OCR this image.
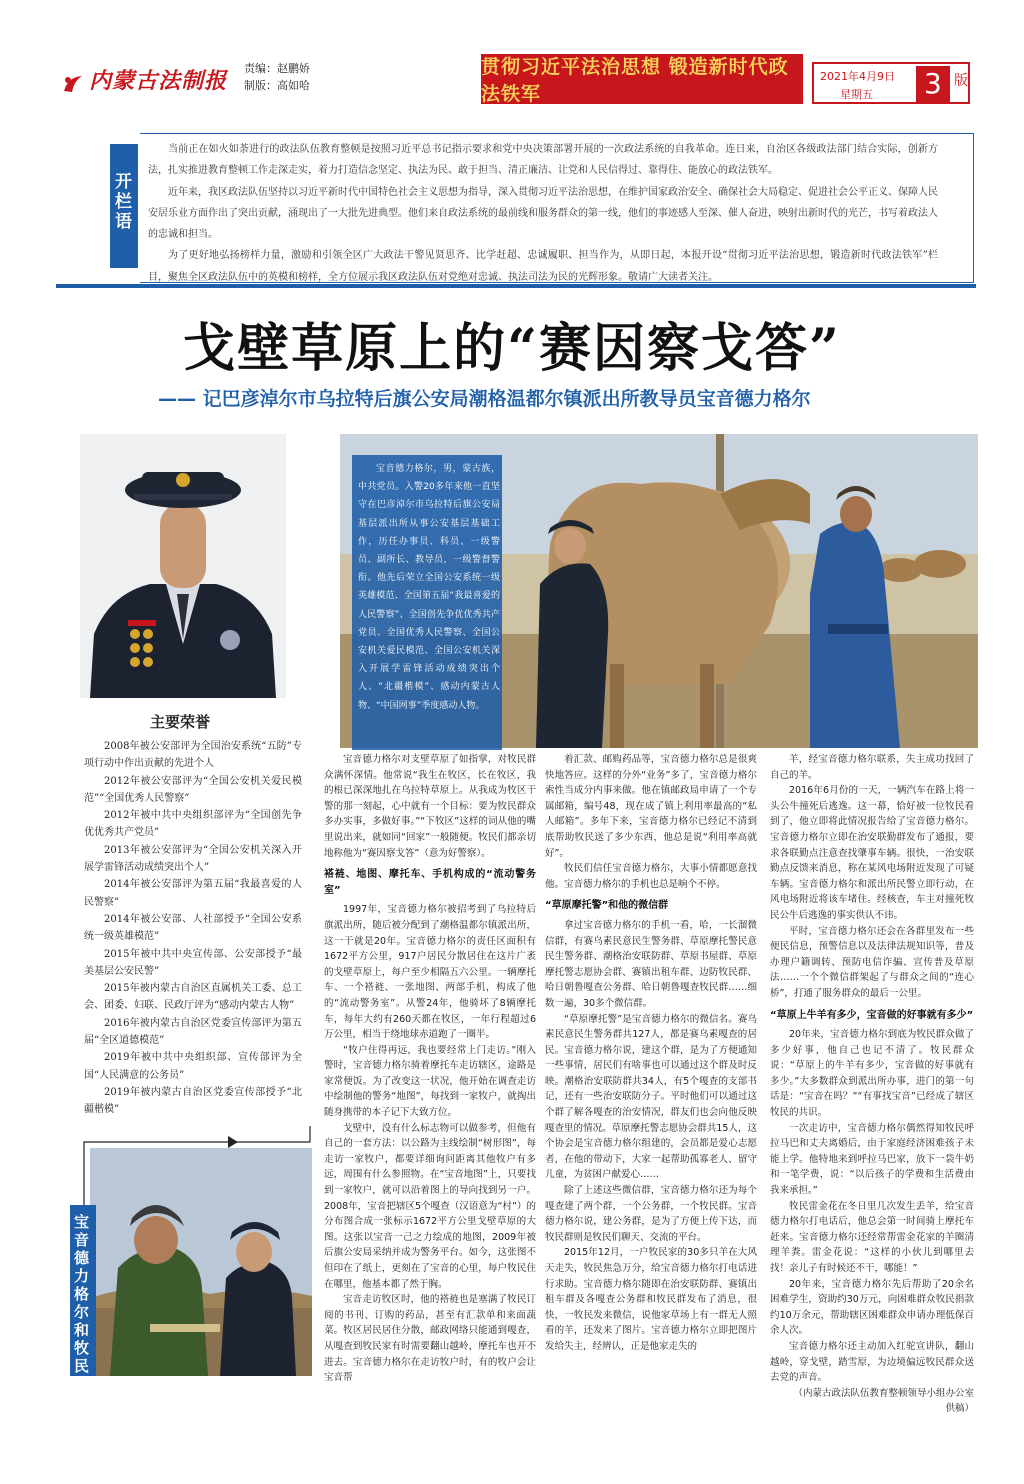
内蒙古法制报	责编：赵鹏娇
制版：高如哈
贯彻习近平法治思想 锻造新时代政法铁军
2021年4月9日
星期五 3 版
开栏语

当前正在如火如荼进行的政法队伍教育整顿是按照习近平总书记指示要求和党中央决策部署开展的一次政法系统的自我革命。连日来，自治区各级政法部门结合实际，创新方法，扎实推进教育整顿工作走深走实，着力打造信念坚定、执法为民、敢于担当、清正廉洁、让党和人民信得过、靠得住、能放心的政法铁军。

近年来，我区政法队伍坚持以习近平新时代中国特色社会主义思想为指导，深入贯彻习近平法治思想，在维护国家政治安全、确保社会大局稳定、促进社会公平正义、保障人民安居乐业方面作出了突出贡献，涌现出了一大批先进典型。他们来自政法系统的最前线和服务群众的第一线，他们的事迹感人至深、催人奋进，映射出新时代的光芒，书写着政法人的忠诚和担当。

为了更好地弘扬榜样力量，激励和引领全区广大政法干警见贤思齐、比学赶超、忠诚履职、担当作为，从即日起，本报开设“贯彻习近平法治思想，锻造新时代政法铁军”栏目，聚焦全区政法队伍中的英模和榜样，全方位展示我区政法队伍对党绝对忠诚、执法司法为民的光辉形象。敬请广大读者关注。

戈壁草原上的“赛因察戈答”
—— 记巴彦淖尔市乌拉特后旗公安局潮格温都尔镇派出所教导员宝音德力格尔
主要荣誉

2008年被公安部评为全国治安系统“五防”专项行动中作出贡献的先进个人

2012年被公安部评为“全国公安机关爱民模范”“全国优秀人民警察”

2012年被中共中央组织部评为“全国创先争优优秀共产党员”

2013年被公安部评为“全国公安机关深入开展学雷锋活动成绩突出个人”

2014年被公安部评为第五届“我最喜爱的人民警察”

2014年被公安部、人社部授予“全国公安系统一级英雄模范”

2015年被中共中央宣传部、公安部授予“最美基层公安民警”

2015年被内蒙古自治区直属机关工委、总工会、团委、妇联、民政厅评为“感动内蒙古人物”

2016年被内蒙古自治区党委宣传部评为第五届“全区道德模范”

2019年被中共中央组织部、宣传部评为全国“人民满意的公务员”

2019年被内蒙古自治区党委宣传部授予“北疆楷模”

宝音德力格尔和牧民唠家常
宝音德力格尔，男，蒙古族，中共党员。入警20多年来他一直坚守在巴彦淖尔市乌拉特后旗公安局基层派出所从事公安基层基础工作，历任办事员、科员、一级警员、副所长、教导员，一级警督警衔。他先后荣立全国公安系统一级英雄模范、全国第五届“我最喜爱的人民警察”、全国创先争优优秀共产党员、全国优秀人民警察、全国公安机关爱民模范、全国公安机关深入开展学雷锋活动成绩突出个人、“北疆楷模”、感动内蒙古人物、“中国网事”季度感动人物。

宝音德力格尔对支壁草原了如指掌，对牧民群众满怀深情。他常说“我生在牧区，长在牧区，我的根已深深地扎在乌拉特草原上。从我成为牧区干警的那一刻起，心中就有一个目标：要为牧民群众多办实事，多做好事。”“下牧区”这样的词从他的嘴里说出来，就如同“回家”一般随便。牧民们都亲切地称他为“赛因察戈答”（意为好警察）。

褡裢、地图、摩托车、手机构成的“流动警务室”

1997年，宝音德力格尔被招考到了乌拉特后旗派出所，随后被分配到了潮格温都尔镇派出所，这一干就是20年。宝音德力格尔的责任区面积有1672平方公里，917户居民分散居住在这片广袤的戈壁草原上，每户至少相隔五六公里。一辆摩托车、一个褡裢、一张地图、两部手机，构成了他的“流动警务室”。从警24年，他骑坏了8辆摩托车，每年大约有260天都在牧区，一年行程超过6万公里，相当于绕地球赤道跑了一圈半。

“牧户住得再远，我也要经常上门走访。”刚入警时，宝音德力格尔骑着摩托车走访辖区，途路是家常便饭。为了改变这一状况，他开始在调查走访中绘制他的警务“地图”，每找到一家牧户，就掏出随身携带的本子记下大致方位。

戈壁中，没有什么标志物可以做参考，但他有自己的一套方法：以公路为主线绘制“树形图”，每走访一家牧户，都要详细询问距离其他牧户有多远，周围有什么参照物。在“宝音地图”上，只要找到一家牧户，就可以沿着图上的导向找到另一户。2008年，宝音把辖区5个嘎查（汉语意为“村”）的分布图合成一张标示1672平方公里戈壁草原的大图。这张以宝音一己之力绘成的地图，2009年被后旗公安局采纳并成为警务平台。如今，这张图不但印在了纸上，更刻在了宝音的心里，每户牧民住在哪里，他基本都了然于胸。

宝音走访牧区时，他的褡裢也是塞满了牧民订阅的书刊、订购的药品，甚至有汇款单和来面蔬菜。牧区居民居住分散，邮政网络只能通到嘎查，从嘎查到牧民家有时需要翻山越岭，摩托车也开不进去。宝音德力格尔在走访牧户时，有的牧户会让宝音帮

着汇款、邮购药品等，宝音德力格尔总是很爽快地答应。这样的分外“业务”多了，宝音德力格尔索性当成分内事来做。他在镇邮政局申请了一个专属邮箱，编号48，现在成了镇上利用率最高的“私人邮箱”。多年下来，宝音德力格尔已经记不清到底帮助牧民送了多少东西，他总是说“利用率高就好”。

牧民们信任宝音德力格尔，大事小情都愿意找他。宝音德力格尔的手机也总是响个不停。

“草原摩托警”和他的微信群

拿过宝音德力格尔的手机一看，哈，一长溜微信群，有赛乌素民意民生警务群、草原摩托警民意民生警务群、潮格治安联防群、草原书屋群、草原摩托警志愿协会群、赛镇出租车群、边防牧民群、哈日朝鲁嘎查公务群、哈日朝鲁嘎查牧民群……细数一遍，30多个微信群。

“草原摩托警”是宝音德力格尔的微信名。赛乌素民意民生警务群共127人，都是赛乌素嘎查的居民。宝音德力格尔说，建这个群，是为了方便通知一些事情，居民们有啥事也可以通过这个群及时反映。潮格治安联防群共34人，有5个嘎查的支部书记，还有一些治安联防分子。平时他们可以通过这个群了解各嘎查的治安情况，群友们也会向他反映嘎查里的情况。草原摩托警志愿协会群共15人，这个协会是宝音德力格尔组建的，会员都是爱心志愿者，在他的带动下，大家一起帮助孤寡老人、留守儿童，为贫困户献爱心……

除了上述这些微信群，宝音德力格尔还为每个嘎查建了两个群，一个公务群，一个牧民群。宝音德力格尔说，建公务群，是为了方便上传下达，而牧民群则是牧民们聊天、交流的平台。

2015年12月，一户牧民家的30多只羊在大风天走失，牧民焦急万分，给宝音德力格尔打电话进行求助。宝音德力格尔随即在治安联防群、赛镇出租车群及各嘎查公务群和牧民群发布了消息，很快，一牧民发来微信，说他家草场上有一群无人照看的羊，还发来了图片。宝音德力格尔立即把图片发给失主，经辨认，正是他家走失的

羊，经宝音德力格尔联系，失主成功找回了自己的羊。

2016年6月份的一天，一辆汽车在路上将一头公牛撞死后逃逸。这一幕，恰好被一位牧民看到了，他立即将此情况报告给了宝音德力格尔。宝音德力格尔立即在治安联勤群发布了通报，要求各联勤点注意查找肇事车辆。很快，一治安联勤点反馈来消息，称在某风电场附近发现了可疑车辆。宝音德力格尔和派出所民警立即行动，在风电场附近将该车堵住。经核查，车主对撞死牧民公牛后逃逸的事实供认不讳。

平时，宝音德力格尔还会在各群里发布一些便民信息，预警信息以及法律法规知识等，普及办理户籍调转、预防电信诈骗、宣传普及草原法……一个个微信群架起了与群众之间的“连心桥”，打通了服务群众的最后一公里。

“草原上牛羊有多少，宝音做的好事就有多少”

20年来，宝音德力格尔到底为牧民群众做了多少好事，他自己也记不清了。牧民群众说：“草原上的牛羊有多少，宝音做的好事就有多少。”大多数群众到派出所办事，进门的第一句话是：“宝音在吗？”“有事找宝音”已经成了辖区牧民的共识。

一次走访中，宝音德力格尔偶然得知牧民呼拉马巴和丈夫离婚后，由于家庭经济困难孩子未能上学。他特地来到呼拉马巴家，放下一袋牛奶和一笔学费，说：“以后孩子的学费和生活费由我来承担。”

牧民雷金花在冬日里几次发生丢羊，给宝音德力格尔打电话后，他总会第一时间骑上摩托车赶来。宝音德力格尔还经常帮雷金花家的羊圈清理羊粪。雷金花说：“这样的小伙儿到哪里去找！亲儿子有时候还不干，哪能！”

20年来，宝音德力格尔先后帮助了20余名困难学生，资助约30万元，向困难群众牧民捐款约10万余元，帮助辖区困难群众申请办理低保百余人次。

宝音德力格尔还主动加入红驼宣讲队，翻山越岭，穿戈壁，踏雪原，为边境偏远牧民群众送去党的声音。

（内蒙古政法队伍教育整顿领导小组办公室供稿）
